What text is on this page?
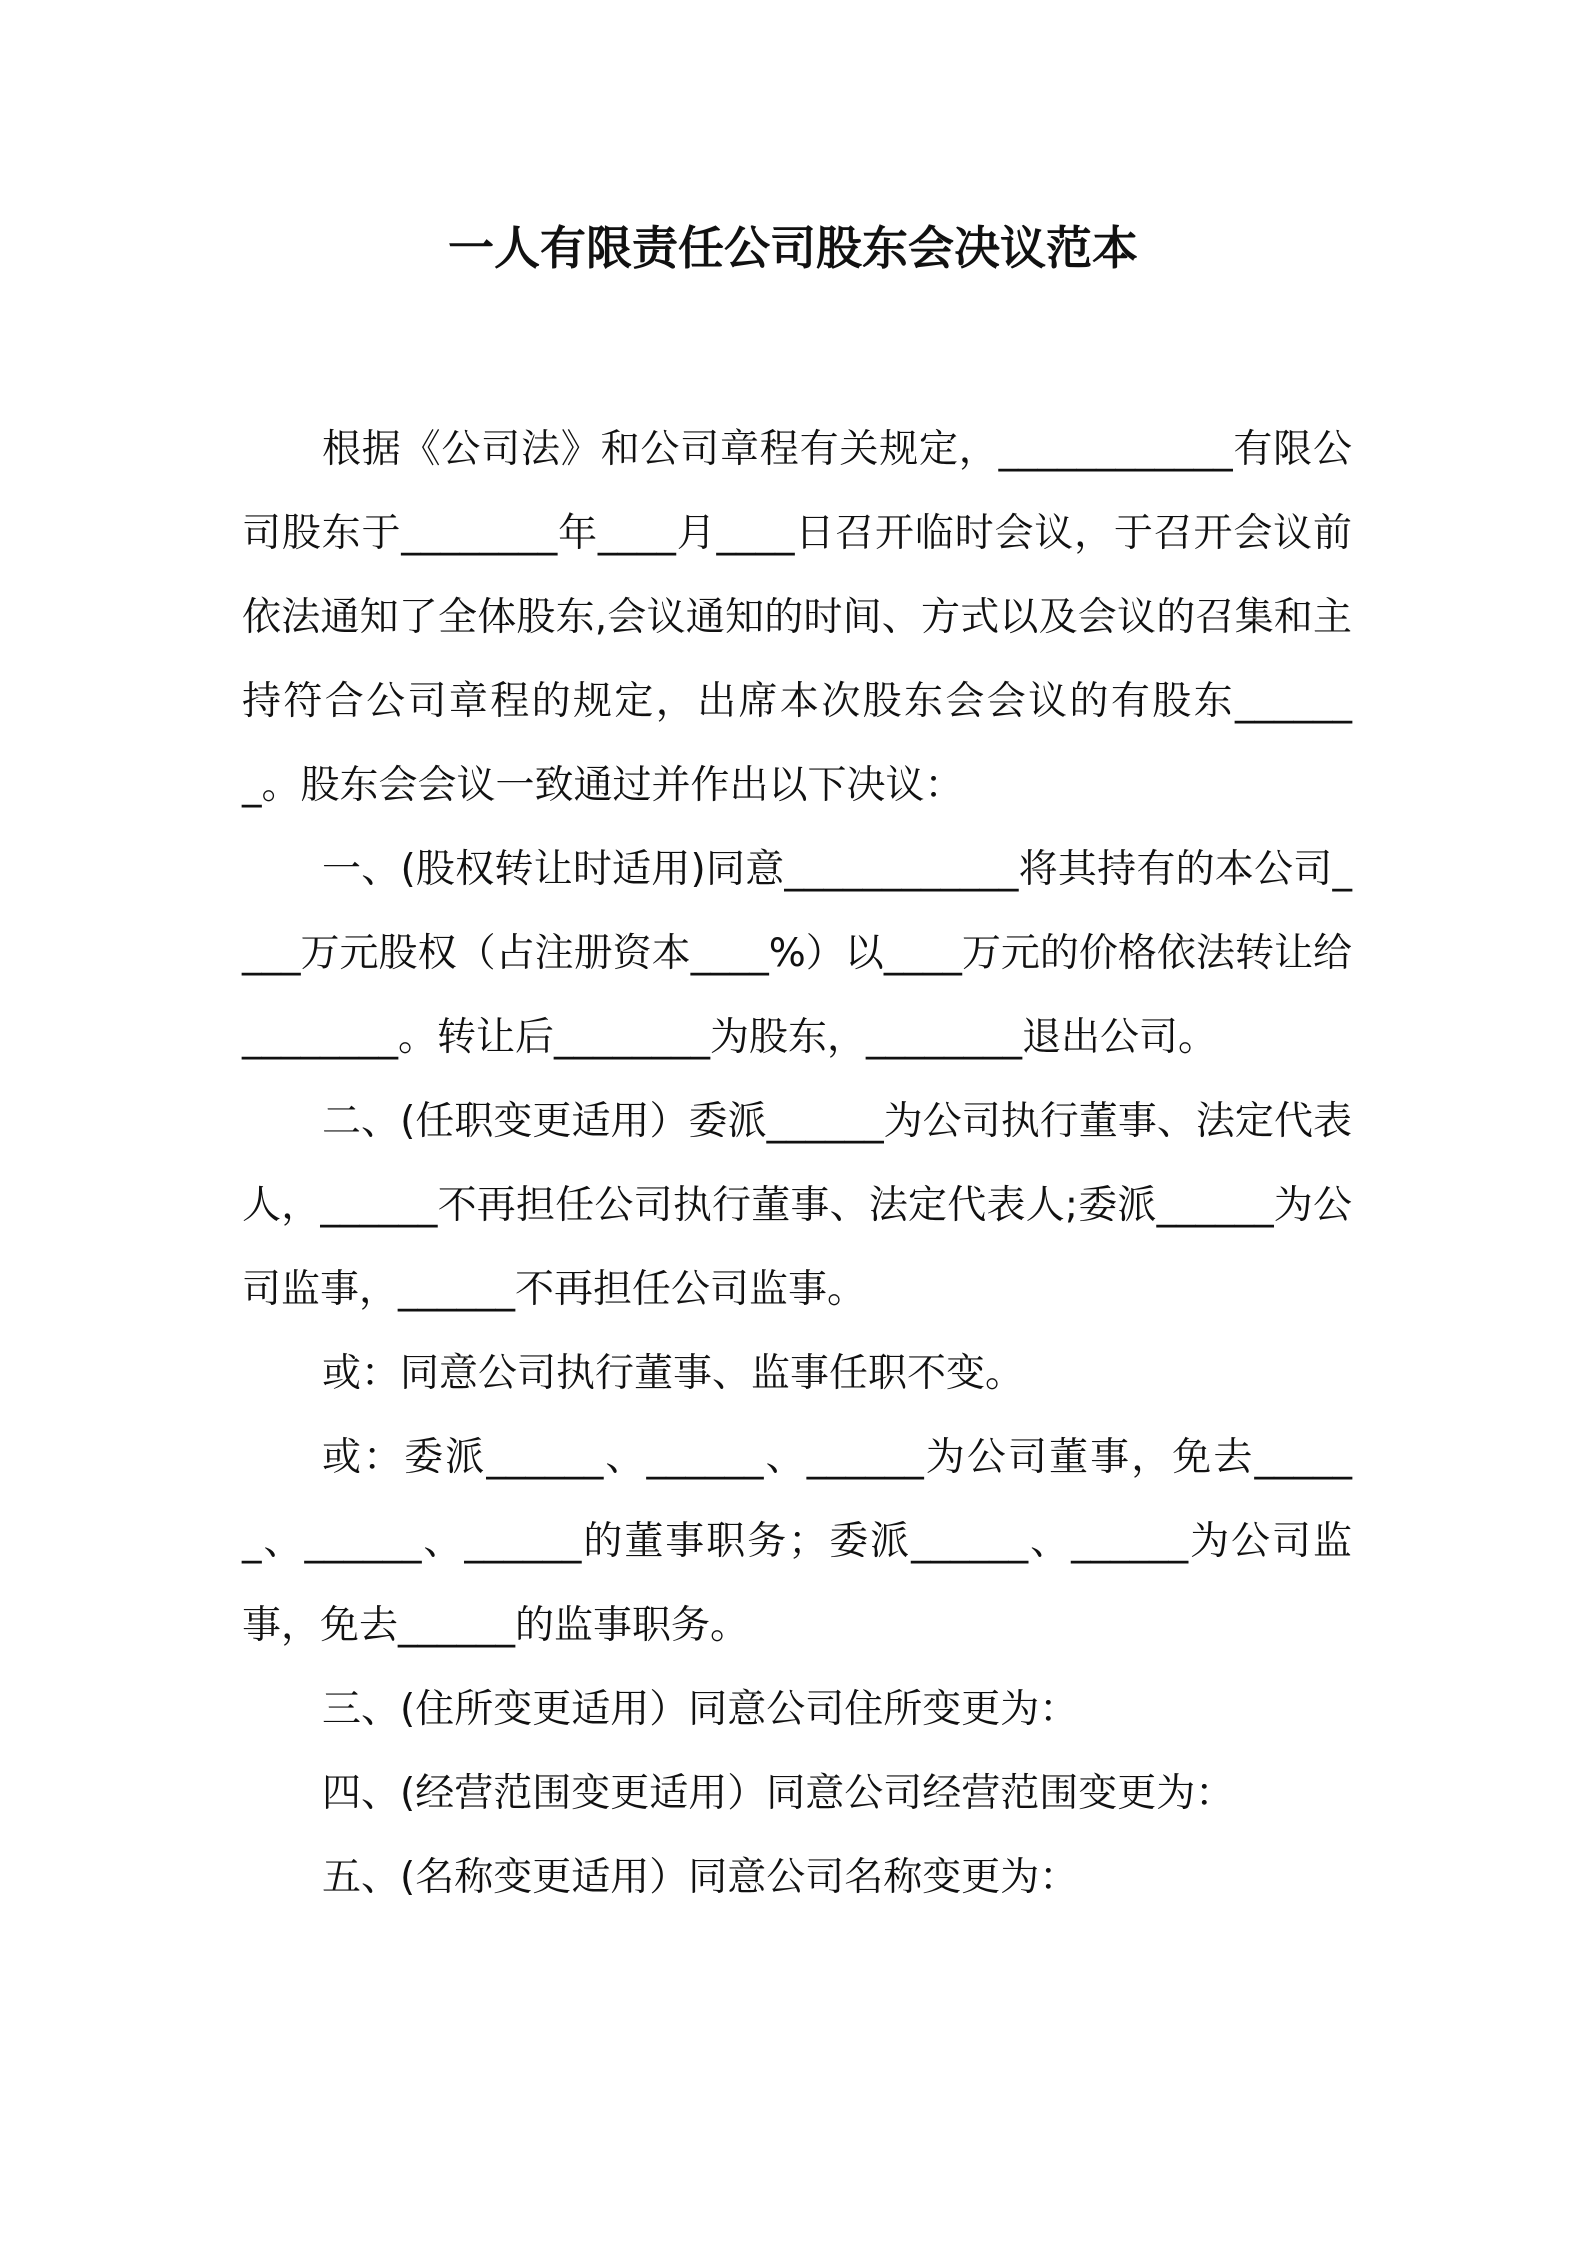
一人有限责任公司股东会决议范本

根据《公司法》和公司章程有关规定，____________有限公司股东于________年____月____日召开临时会议，于召开会议前依法通知了全体股东,会议通知的时间、方式以及会议的召集和主持符合公司章程的规定，出席本次股东会会议的有股东_______。股东会会议一致通过并作出以下决议：

一、(股权转让时适用)同意____________将其持有的本公司____万元股权（占注册资本____%）以____万元的价格依法转让给________。转让后________为股东，________退出公司。

二、(任职变更适用）委派______为公司执行董事、法定代表人，______不再担任公司执行董事、法定代表人;委派______为公司监事，______不再担任公司监事。

或：同意公司执行董事、监事任职不变。

或：委派______、______、______为公司董事，免去______、______、______的董事职务；委派______、______为公司监事，免去______的监事职务。

三、(住所变更适用）同意公司住所变更为：

四、(经营范围变更适用）同意公司经营范围变更为：

五、(名称变更适用）同意公司名称变更为：
